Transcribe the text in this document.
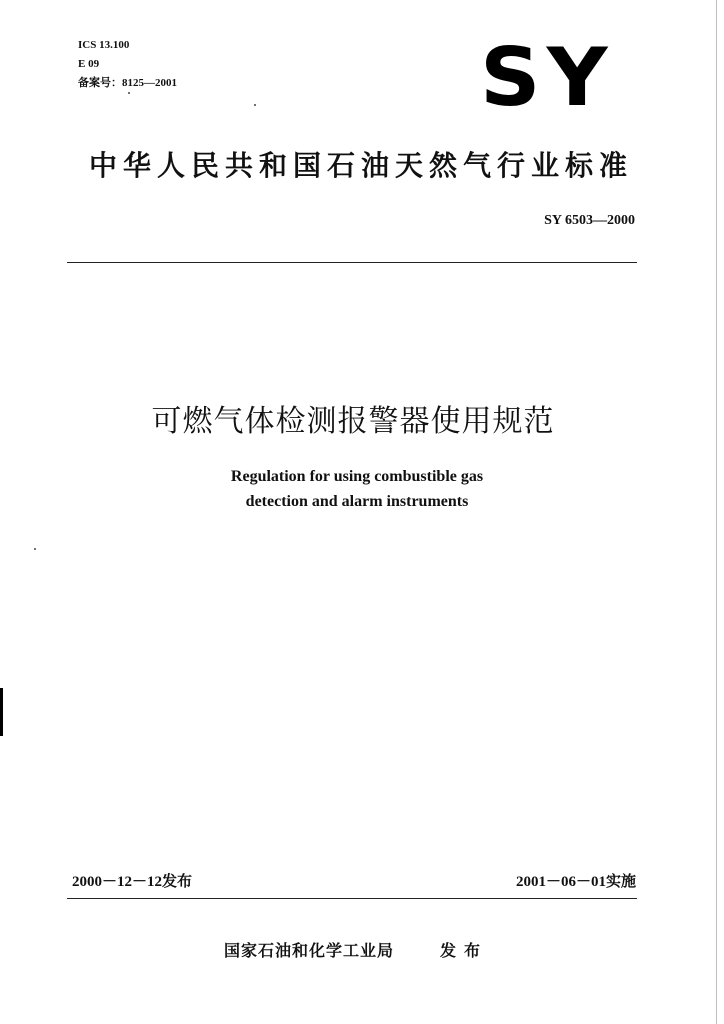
ICS 13.100
E 09
备案号：8125—2001	SY
中华人民共和国石油天然气行业标准
SY 6503—2000
可燃气体检测报警器使用规范
Regulation for using combustible gas
detection and alarm instruments
2000－12－12发布	2001－06－01实施
国家石油和化学工业局	发布
